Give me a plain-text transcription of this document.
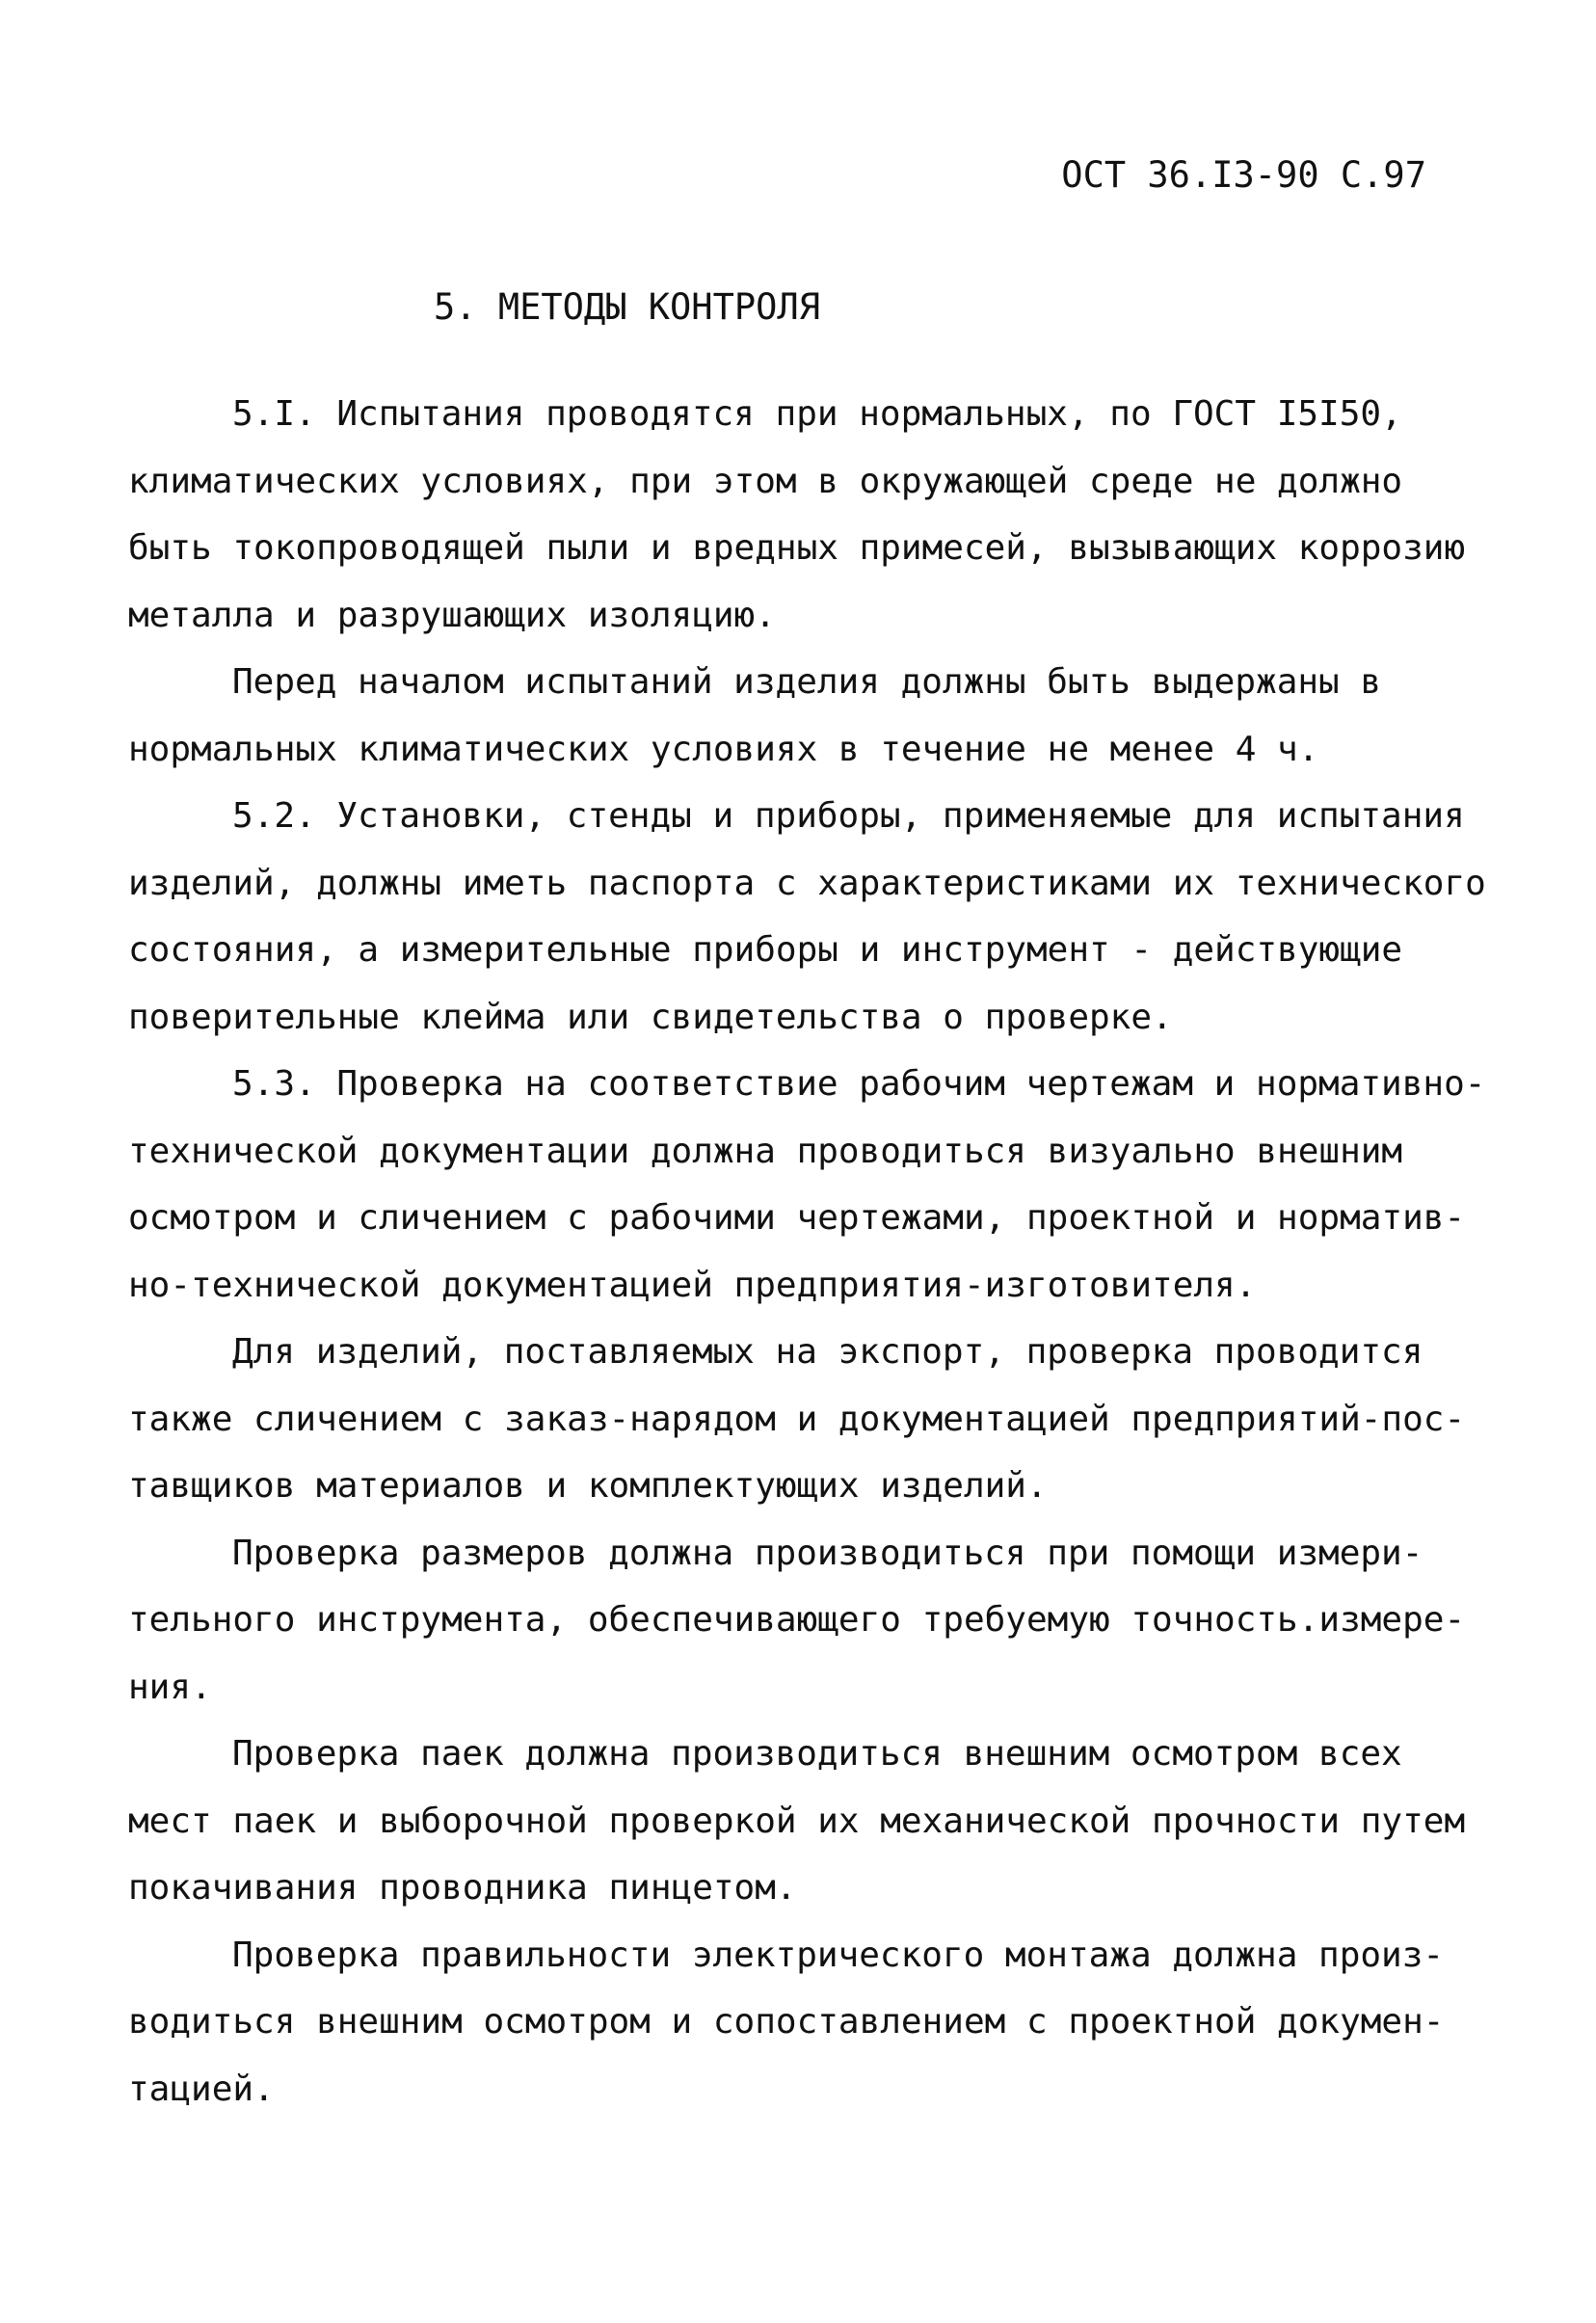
ОСТ 36.I3-90 С.97
5. МЕТОДЫ КОНТРОЛЯ

5.I. Испытания проводятся при нормальных, по ГОСТ I5I50,
климатических условиях, при этом в окружающей среде не должно
быть токопроводящей пыли и вредных примесей, вызывающих коррозию
металла и разрушающих изоляцию.

Перед началом испытаний изделия должны быть выдержаны в
нормальных климатических условиях в течение не менее 4 ч.

5.2. Установки, стенды и приборы, применяемые для испытания
изделий, должны иметь паспорта с характеристиками их технического
состояния, а измерительные приборы и инструмент - действующие
поверительные клейма или свидетельства о проверке.

5.3. Проверка на соответствие рабочим чертежам и нормативно-
технической документации должна проводиться визуально внешним
осмотром и сличением с рабочими чертежами, проектной и норматив-
но-технической документацией предприятия-изготовителя.

Для изделий, поставляемых на экспорт, проверка проводится
также сличением с заказ-нарядом и документацией предприятий-пос-
тавщиков материалов и комплектующих изделий.

Проверка размеров должна производиться при помощи измери-
тельного инструмента, обеспечивающего требуемую точность.измере-
ния.

Проверка паек должна производиться внешним осмотром всех
мест паек и выборочной проверкой их механической прочности путем
покачивания проводника пинцетом.

Проверка правильности электрического монтажа должна произ-
водиться внешним осмотром и сопоставлением с проектной докумен-
тацией.
